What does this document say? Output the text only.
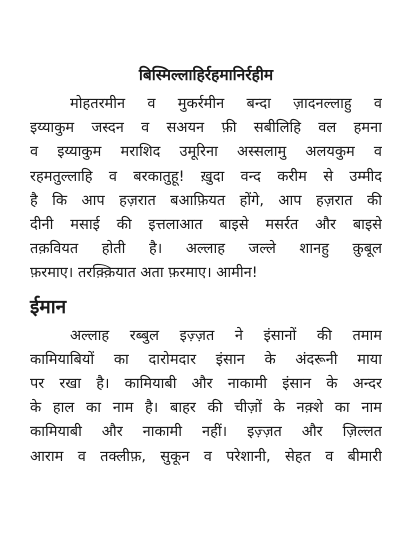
बिस्मिल्लाहिर्रहमानिर्रहीम
मोहतरमीन व मुकर्रमीन बन्दा ज़ादनल्लाहु व
इय्याकुम जस्दन व सअयन फ़ी सबीलिहि वल हमना
व इय्याकुम मराशिद उमूरिना अस्सलामु अलयकुम व
रहमतुल्लाहि व बरकातुहू! ख़ुदा वन्द करीम से उम्मीद
है कि आप हज़रात बआफ़ियत होंगे, आप हज़रात की
दीनी मसाई की इत्तलाआत बाइसे मसर्रत और बाइसे
तक़वियत होती है। अल्लाह जल्ले शानहु क़ुबूल
फ़रमाए। तरक़्क़ियात अता फ़रमाए। आमीन!
ईमान
अल्लाह रब्बुल इज़्ज़त ने इंसानों की तमाम
कामियाबियों का दारोमदार इंसान के अंदरूनी माया
पर रखा है। कामियाबी और नाकामी इंसान के अन्दर
के हाल का नाम है। बाहर की चीज़ों के नक़्शे का नाम
कामियाबी और नाकामी नहीं। इज़्ज़त और ज़िल्लत
आराम व तक्लीफ़, सुकून व परेशानी, सेहत व बीमारी
